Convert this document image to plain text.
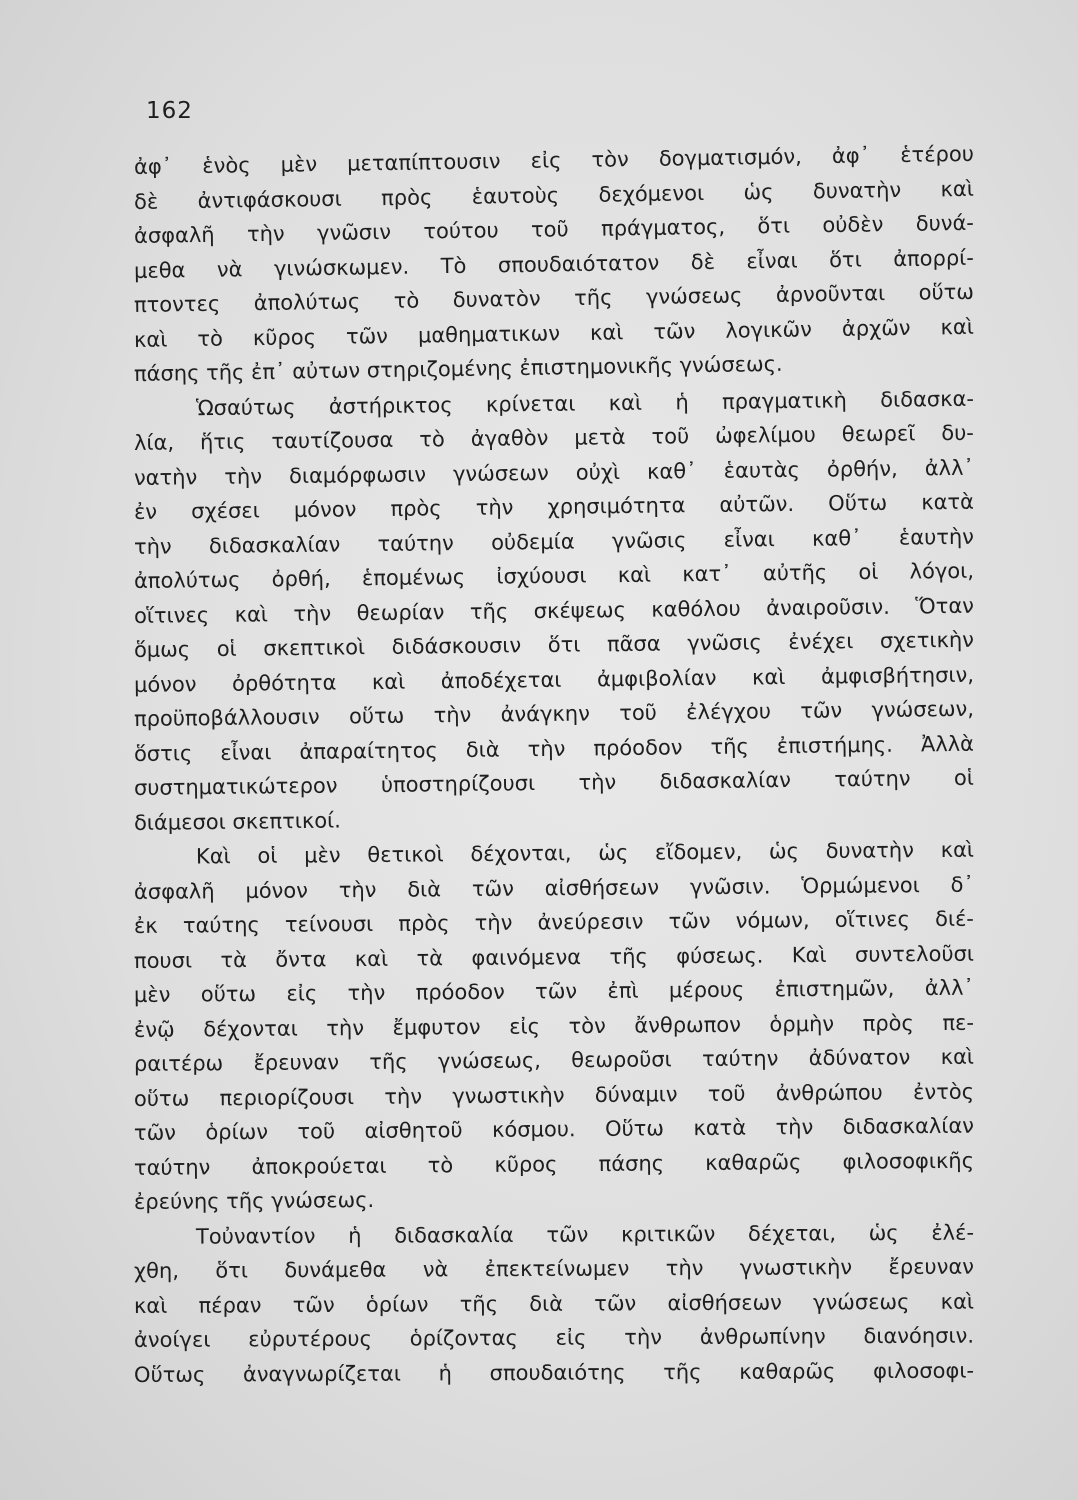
162
ἀφ᾽ ἑνὸς μὲν μεταπίπτουσιν εἰς τὸν δογματισμόν, ἀφ᾽ ἑτέρου
δὲ ἀντιφάσκουσι πρὸς ἑαυτοὺς δεχόμενοι ὡς δυνατὴν καὶ
ἀσφαλῆ τὴν γνῶσιν τούτου τοῦ πράγματος, ὅτι οὐδὲν δυνά-
μεθα νὰ γινώσκωμεν. Τὸ σπουδαιότατον δὲ εἶναι ὅτι ἀπορρί-
πτοντες ἀπολύτως τὸ δυνατὸν τῆς γνώσεως ἀρνοῦνται οὕτω
καὶ τὸ κῦρος τῶν μαθηματικων καὶ τῶν λογικῶν ἀρχῶν καὶ
πάσης τῆς ἐπ᾽ αὐτων στηριζομένης ἐπιστημονικῆς γνώσεως.
Ὡσαύτως ἀστήρικτος κρίνεται καὶ ἡ πραγματικὴ διδασκα-
λία, ἥτις ταυτίζουσα τὸ ἀγαθὸν μετὰ τοῦ ὠφελίμου θεωρεῖ δυ-
νατὴν τὴν διαμόρφωσιν γνώσεων οὐχὶ καθ᾽ ἑαυτὰς ὀρθήν, ἀλλ᾽
ἐν σχέσει μόνον πρὸς τὴν χρησιμότητα αὐτῶν. Οὕτω κατὰ
τὴν διδασκαλίαν ταύτην οὐδεμία γνῶσις εἶναι καθ᾽ ἑαυτὴν
ἀπολύτως ὀρθή, ἑπομένως ἰσχύουσι καὶ κατ᾽ αὐτῆς οἱ λόγοι,
οἵτινες καὶ τὴν θεωρίαν τῆς σκέψεως καθόλου ἀναιροῦσιν. Ὅταν
ὅμως οἱ σκεπτικοὶ διδάσκουσιν ὅτι πᾶσα γνῶσις ἐνέχει σχετικὴν
μόνον ὀρθότητα καὶ ἀποδέχεται ἀμφιβολίαν καὶ ἀμφισβήτησιν,
προϋποβάλλουσιν οὕτω τὴν ἀνάγκην τοῦ ἐλέγχου τῶν γνώσεων,
ὅστις εἶναι ἀπαραίτητος διὰ τὴν πρόοδον τῆς ἐπιστήμης. Ἀλλὰ
συστηματικώτερον ὑποστηρίζουσι τὴν διδασκαλίαν ταύτην οἱ
διάμεσοι σκεπτικοί.
Καὶ οἱ μὲν θετικοὶ δέχονται, ὡς εἴδομεν, ὡς δυνατὴν καὶ
ἀσφαλῆ μόνον τὴν διὰ τῶν αἰσθήσεων γνῶσιν. Ὁρμώμενοι δ᾽
ἐκ ταύτης τείνουσι πρὸς τὴν ἀνεύρεσιν τῶν νόμων, οἵτινες διέ-
πουσι τὰ ὄντα καὶ τὰ φαινόμενα τῆς φύσεως. Καὶ συντελοῦσι
μὲν οὕτω εἰς τὴν πρόοδον τῶν ἐπὶ μέρους ἐπιστημῶν, ἀλλ᾽
ἐνῷ δέχονται τὴν ἔμφυτον εἰς τὸν ἄνθρωπον ὁρμὴν πρὸς πε-
ραιτέρω ἔρευναν τῆς γνώσεως, θεωροῦσι ταύτην ἀδύνατον καὶ
οὕτω περιορίζουσι τὴν γνωστικὴν δύναμιν τοῦ ἀνθρώπου ἐντὸς
τῶν ὁρίων τοῦ αἰσθητοῦ κόσμου. Οὕτω κατὰ τὴν διδασκαλίαν
ταύτην ἀποκρούεται τὸ κῦρος πάσης καθαρῶς φιλοσοφικῆς
ἐρεύνης τῆς γνώσεως.
Τοὐναντίον ἡ διδασκαλία τῶν κριτικῶν δέχεται, ὡς ἐλέ-
χθη, ὅτι δυνάμεθα νὰ ἐπεκτείνωμεν τὴν γνωστικὴν ἔρευναν
καὶ πέραν τῶν ὁρίων τῆς διὰ τῶν αἰσθήσεων γνώσεως καὶ
ἀνοίγει εὐρυτέρους ὁρίζοντας εἰς τὴν ἀνθρωπίνην διανόησιν.
Οὕτως ἀναγνωρίζεται ἡ σπουδαιότης τῆς καθαρῶς φιλοσοφι-
